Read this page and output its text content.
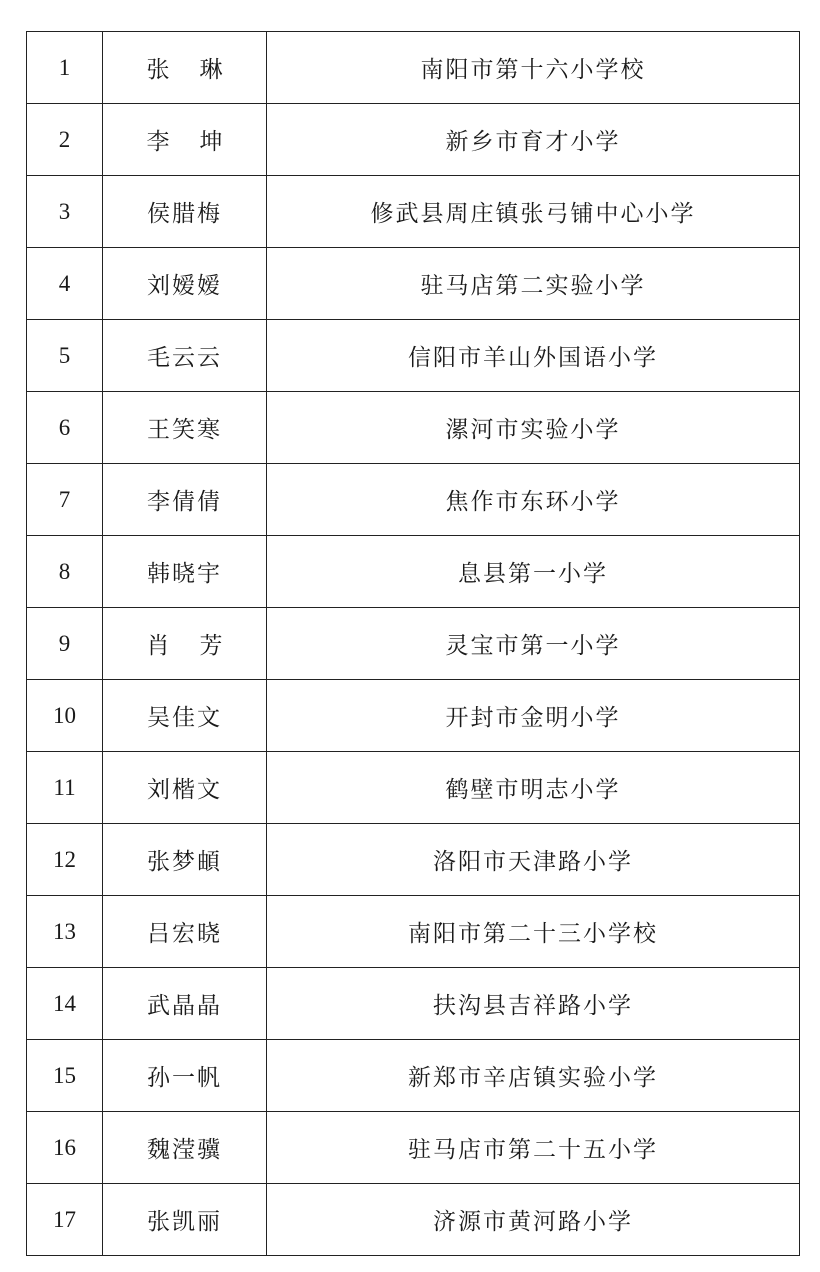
1	张琳	南阳市第十六小学校
2	李坤	新乡市育才小学
3	侯腊梅	修武县周庄镇张弓铺中心小学
4	刘嫒嫒	驻马店第二实验小学
5	毛云云	信阳市羊山外国语小学
6	王笑寒	漯河市实验小学
7	李倩倩	焦作市东环小学
8	韩晓宇	息县第一小学
9	肖芳	灵宝市第一小学
10	吴佳文	开封市金明小学
11	刘楷文	鹤壁市明志小学
12	张梦頔	洛阳市天津路小学
13	吕宏晓	南阳市第二十三小学校
14	武晶晶	扶沟县吉祥路小学
15	孙一帆	新郑市辛店镇实验小学
16	魏滢骥	驻马店市第二十五小学
17	张凯丽	济源市黄河路小学
